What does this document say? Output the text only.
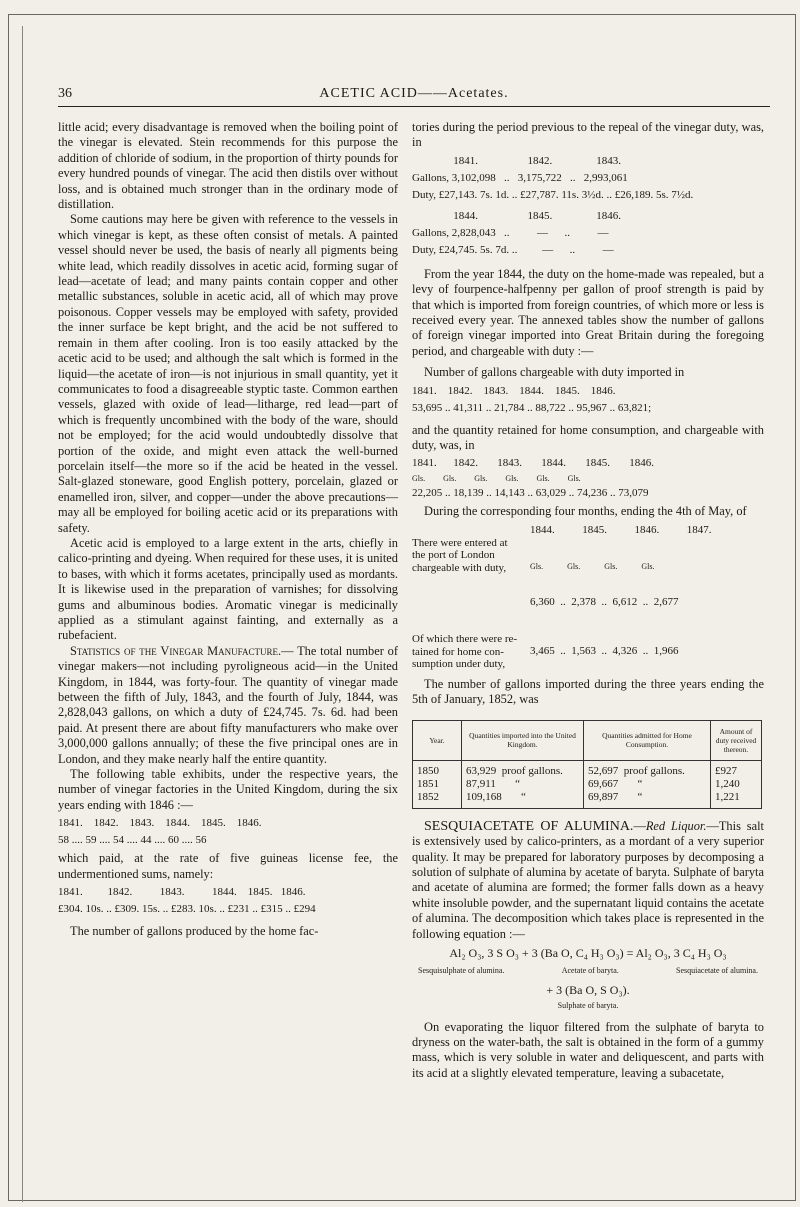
36	ACETIC ACID——Acetates.

little acid; every disadvantage is removed when the boiling point of the vinegar is elevated. Stein recommends for this purpose the addition of chloride of sodium, in the proportion of thirty pounds for every hundred pounds of vinegar. The acid then distils over without loss, and is obtained much stronger than in the ordinary mode of distillation.

Some cautions may here be given with reference to the vessels in which vinegar is kept, as these often consist of metals. A painted vessel should never be used, the basis of nearly all pigments being white lead, which readily dissolves in acetic acid, forming sugar of lead—acetate of lead; and many paints contain copper and other metallic substances, soluble in acetic acid, all of which may prove poisonous. Copper vessels may be employed with safety, provided the inner surface be kept bright, and the acid be not suffered to remain in them after cooling. Iron is too easily attacked by the acetic acid to be used; and although the salt which is formed in the liquid—the acetate of iron—is not injurious in small quantity, yet it communicates to food a disagreeable styptic taste. Common earthen vessels, glazed with oxide of lead—litharge, red lead—part of which is frequently uncombined with the body of the ware, should not be employed; for the acid would undoubtedly dissolve that portion of the oxide, and might even attack the well-burned porcelain itself—the more so if the acid be heated in the vessel. Salt-glazed stoneware, good English pottery, porcelain, glazed or enamelled iron, silver, and copper—under the above precautions—may all be employed for boiling acetic acid or its preparations with safety.

Acetic acid is employed to a large extent in the arts, chiefly in calico-printing and dyeing. When required for these uses, it is united to bases, with which it forms acetates, principally used as mordants. It is likewise used in the preparation of varnishes; for dissolving gums and albuminous bodies. Aromatic vinegar is medicinally applied as a stimulant against fainting, and externally as a rubefacient.

Statistics of the Vinegar Manufacture.— The total number of vinegar makers—not including pyroligneous acid—in the United Kingdom, in 1844, was forty-four. The quantity of vinegar made between the fifth of July, 1843, and the fourth of July, 1844, was 2,828,043 gallons, on which a duty of £24,745. 7s. 6d. had been paid. At present there are about fifty manufacturers who make over 3,000,000 gallons annually; of these the five principal ones are in London, and they make nearly half the entire quantity.

The following table exhibits, under the respective years, the number of vinegar factories in the United Kingdom, during the six years ending with 1846 :—

1841.    1842.    1843.    1844.    1845.    1846.
58 .... 59 .... 54 .... 44 .... 60 .... 56

which paid, at the rate of five guineas license fee, the undermentioned sums, namely:

1841.         1842.          1843.          1844.    1845.   1846.
£304. 10s. .. £309. 15s. .. £283. 10s. .. £231 .. £315 .. £294

The number of gallons produced by the home fac-

tories during the period previous to the repeal of the vinegar duty, was, in

1841.                  1842.                1843.
Gallons, 3,102,098   ..   3,175,722   ..   2,993,061
Duty, £27,143. 7s. 1d. .. £27,787. 11s. 3½d. .. £26,189. 5s. 7½d.
1844.                  1845.                1846.
Gallons, 2,828,043   ..          —      ..          —
Duty, £24,745. 5s. 7d. ..         —      ..          —

From the year 1844, the duty on the home-made was repealed, but a levy of fourpence-halfpenny per gallon of proof strength is paid by that which is imported from foreign countries, of which more or less is received every year. The annexed tables show the number of gallons of foreign vinegar imported into Great Britain during the foregoing period, and chargeable with duty :—

Number of gallons chargeable with duty imported in

1841.    1842.    1843.    1844.    1845.    1846.
53,695 .. 41,311 .. 21,784 .. 88,722 .. 95,967 .. 63,821;

and the quantity retained for home consumption, and chargeable with duty, was, in

1841.      1842.       1843.       1844.       1845.       1846.
Gls.         Gls.         Gls.         Gls.         Gls.         Gls.
22,205 .. 18,139 .. 14,143 .. 63,029 .. 74,236 .. 73,079

During the corresponding four months, ending the 4th of May, of

1844.          1845.          1846.          1847.
There were entered at
the port of London
chargeable with duty,

	Gls.            Gls.            Gls.            Gls.

6,360  ..  2,378  ..  6,612  ..  2,677

Of which there were re-
tained for home con-
sumption under duty,
3,465  ..  1,563  ..  4,326  ..  1,966

The number of gallons imported during the three years ending the 5th of January, 1852, was

Year.	Quantities imported into the United Kingdom.	Quantities admitted for Home Consumption.	Amount of duty received thereon.
1850	63,929  proof gallons.	52,697  proof gallons.	£927
1851	87,911       “	69,667       “	1,240
1852	109,168       “	69,897       “	1,221

SESQUIACETATE OF ALUMINA.—Red Liquor.—This salt is extensively used by calico-printers, as a mordant of a very superior quality. It may be prepared for laboratory purposes by decomposing a solution of sulphate of alumina by acetate of baryta. Sulphate of baryta and acetate of alumina are formed; the former falls down as a heavy white insoluble powder, and the supernatant liquid contains the acetate of alumina. The decomposition which takes place is represented in the following equation :—

Al₂ O₃, 3 S O₃ + 3 (Ba O, C₄ H₃ O₃) = Al₂ O₃, 3 C₄ H₃ O₃
Sesquisulphate of alumina.	Acetate of baryta.	Sesquiacetate of alumina.
+ 3 (Ba O, S O₃).
Sulphate of baryta.

On evaporating the liquor filtered from the sulphate of baryta to dryness on the water-bath, the salt is obtained in the form of a gummy mass, which is very soluble in water and deliquescent, and parts with its acid at a slightly elevated temperature, leaving a subacetate,
